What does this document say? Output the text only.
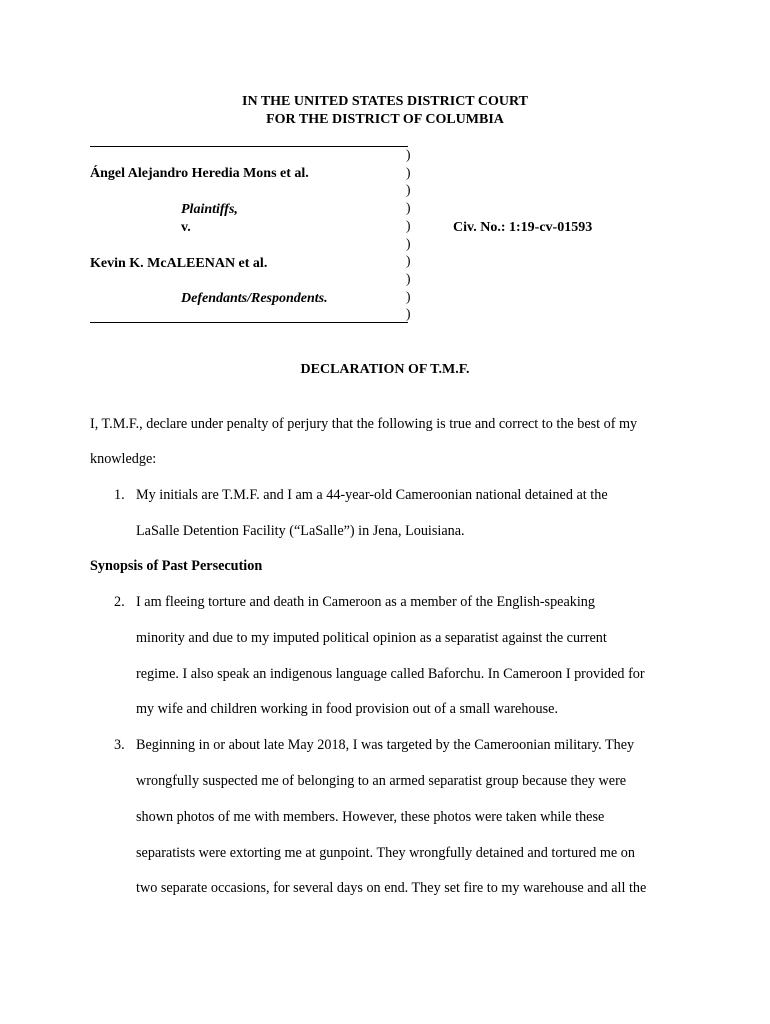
IN THE UNITED STATES DISTRICT COURT
FOR THE DISTRICT OF COLUMBIA
)
)
)
)
)
)
)
)
)
)
Ángel Alejandro Heredia Mons et al.
Plaintiffs,
v.
Kevin K. McALEENAN et al.
Defendants/Respondents.
Civ. No.: 1:19-cv-01593
DECLARATION OF T.M.F.
I, T.M.F., declare under penalty of perjury that the following is true and correct to the best of my
knowledge:
1. My initials are T.M.F. and I am a 44-year-old Cameroonian national detained at the
LaSalle Detention Facility (“LaSalle”) in Jena, Louisiana.
Synopsis of Past Persecution
2. I am fleeing torture and death in Cameroon as a member of the English-speaking
minority and due to my imputed political opinion as a separatist against the current
regime. I also speak an indigenous language called Baforchu. In Cameroon I provided for
my wife and children working in food provision out of a small warehouse.
3. Beginning in or about late May 2018, I was targeted by the Cameroonian military. They
wrongfully suspected me of belonging to an armed separatist group because they were
shown photos of me with members. However, these photos were taken while these
separatists were extorting me at gunpoint. They wrongfully detained and tortured me on
two separate occasions, for several days on end. They set fire to my warehouse and all the
